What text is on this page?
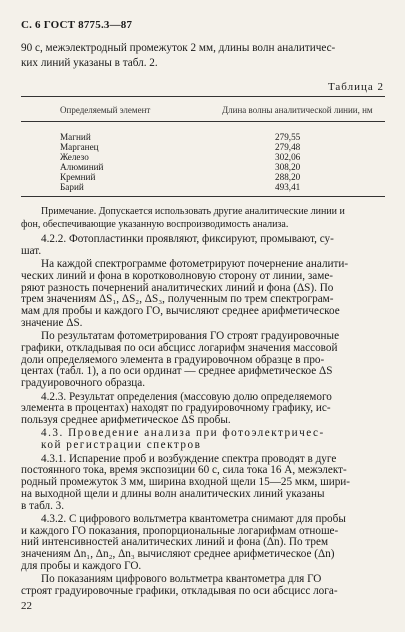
С. 6 ГОСТ 8775.3—87
90 с, межэлектродный промежуток 2 мм, длины волн аналитичес-
ких линий указаны в табл. 2.
Таблица 2
Определяемый элемент	Длина волны аналитической линии, нм
Магний	279,55
Марганец	279,48
Железо	302,06
Алюминий	308,20
Кремний	288,20
Барий	493,41
Примечание. Допускается использовать другие аналитические линии и
фон, обеспечивающие указанную воспроизводимость анализа.
4.2.2. Фотопластинки проявляют, фиксируют, промывают, су-
шат.
На каждой спектрограмме фотометрируют почернение аналити-
ческих линий и фона в коротковолновую сторону от линии, заме-
ряют разность почернений аналитических линий и фона (ΔS). По
трем значениям ΔS₁, ΔS₂, ΔS₃, полученным по трем спектрограм-
мам для пробы и каждого ГО, вычисляют среднее арифметическое
значение ΔS.
По результатам фотометрирования ГО строят градуировочные
графики, откладывая по оси абсцисс логарифм значения массовой
доли определяемого элемента в градуировочном образце в про-
центах (табл. 1), а по оси ординат — среднее арифметическое ΔS
градуировочного образца.
4.2.3. Результат определения (массовую долю определяемого
элемента в процентах) находят по градуировочному графику, ис-
пользуя среднее арифметическое ΔS пробы.
4.3. Проведение анализа при фотоэлектричес-
кой регистрации спектров
4.3.1. Испарение проб и возбуждение спектра проводят в дуге
постоянного тока, время экспозиции 60 с, сила тока 16 А, межэлект-
родный промежуток 3 мм, ширина входной щели 15—25 мкм, шири-
на выходной щели и длины волн аналитических линий указаны
в табл. 3.
4.3.2. С цифрового вольтметра квантометра снимают для пробы
и каждого ГО показания, пропорциональные логарифмам отноше-
ний интенсивностей аналитических линий и фона (Δn). По трем
значениям Δn₁, Δn₂, Δn₃ вычисляют среднее арифметическое (Δn)
для пробы и каждого ГО.
По показаниям цифрового вольтметра квантометра для ГО
строят градуировочные графики, откладывая по оси абсцисс лога-
22
